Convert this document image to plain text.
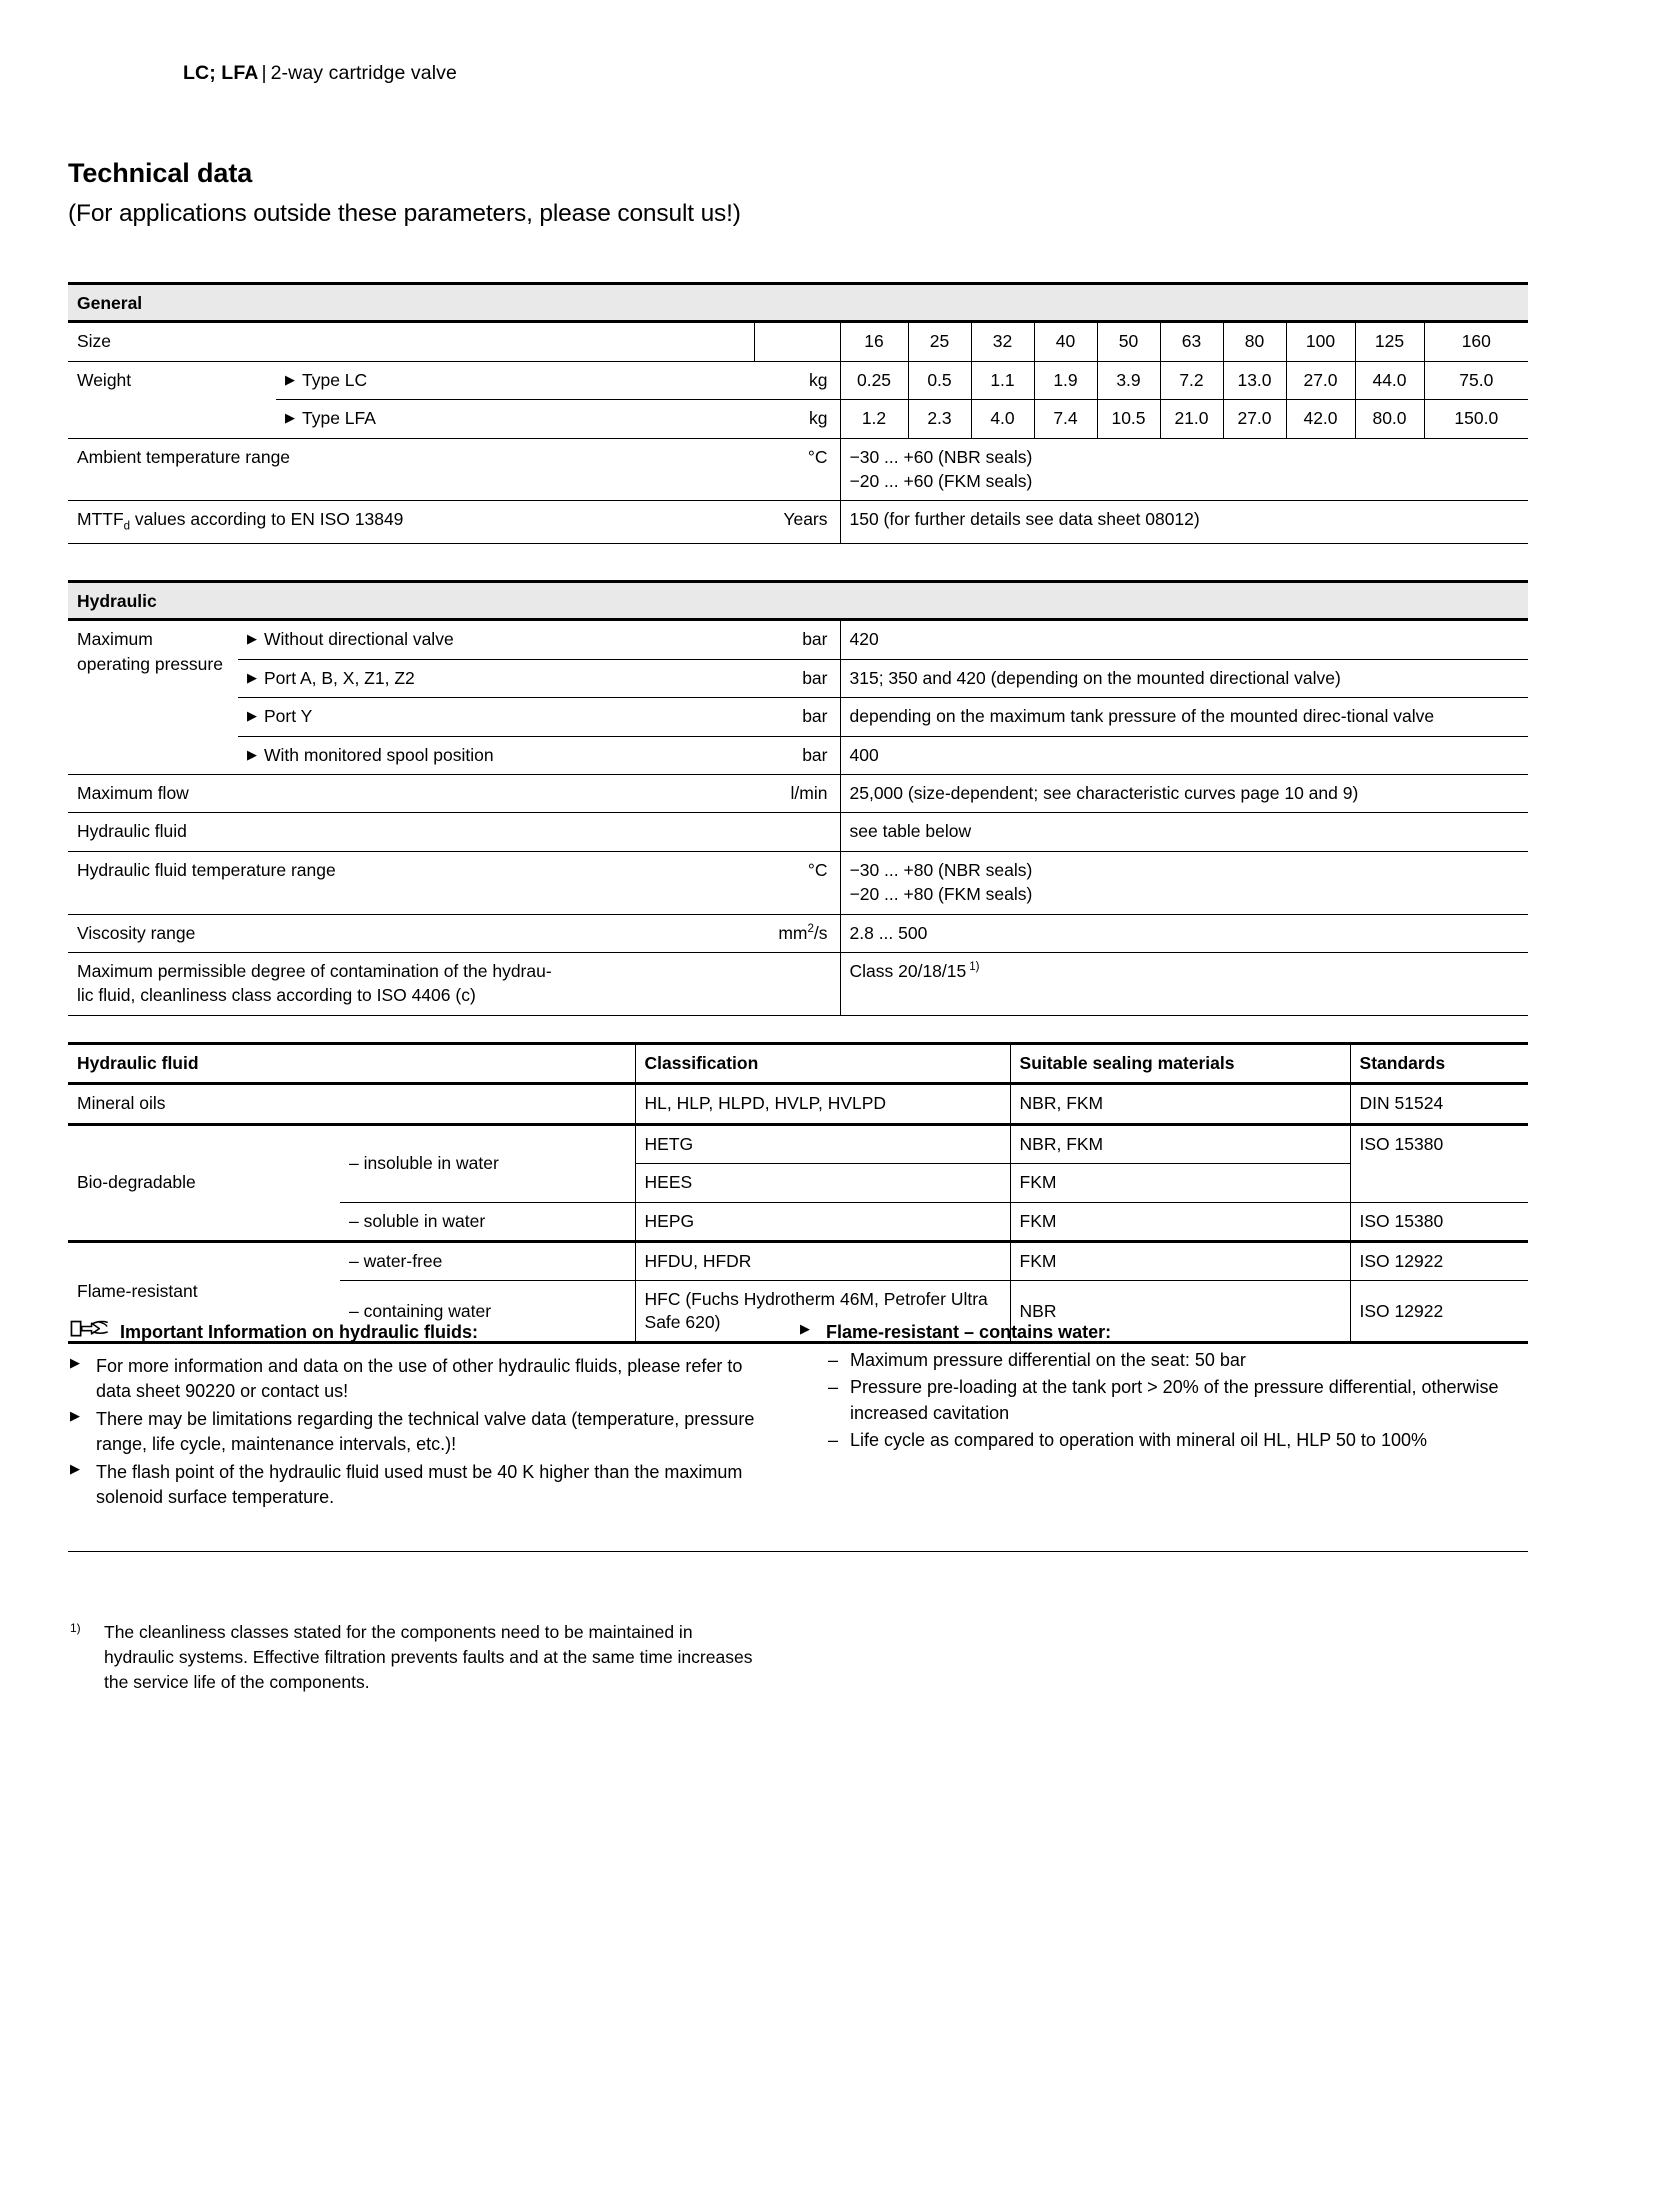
LC; LFA | 2-way cartridge valve
Technical data
(For applications outside these parameters, please consult us!)
General												

Size			16	25	32	40	50	63	80	100	125	160

Weight	▶ Type LC	kg	0.25	0.5	1.1	1.9	3.9	7.2	13.0	27.0	44.0	75.0

	▶ Type LFA	kg	1.2	2.3	4.0	7.4	10.5	21.0	27.0	42.0	80.0	150.0

Ambient temperature range		°C	−30 ... +60 (NBR seals)
−20 ... +60 (FKM seals)									

$MTTF_d$ values according to EN ISO 13849		Years	150 (for further details see data sheet 08012)									
Hydraulic			

Maximum
operating pressure	▶ Without directional valve	bar	420

	▶ Port A, B, X, Z1, Z2	bar	315; 350 and 420 (depending on the mounted directional valve)

	▶ Port Y	bar	depending on the maximum tank pressure of the mounted direc-tional valve

	▶ With monitored spool position	bar	400

Maximum flow		l/min	25,000 (size-dependent; see characteristic curves page 10 and 9)

Hydraulic fluid			see table below

Hydraulic fluid temperature range		°C	−30 ... +80 (NBR seals)
−20 ... +80 (FKM seals)

Viscosity range		$mm^2/s$	2.8 ... 500

Maximum permissible degree of contamination of the hydrau-
lic fluid, cleanliness class according to ISO 4406 (c)			Class 20/18/15 $^{1)}$
Hydraulic fluid		Classification	Suitable sealing materials	Standards

Mineral oils		HL, HLP, HLPD, HVLP, HVLPD	NBR, FKM	DIN 51524

Bio-degradable	– insoluble in water	HETG	NBR, FKM	ISO 15380

		HEES	FKM	

	– soluble in water	HEPG	FKM	ISO 15380

Flame-resistant	– water-free	HFDU, HFDR	FKM	ISO 12922

	– containing water	HFC (Fuchs Hydrotherm 46M, Petrofer Ultra Safe 620)	NBR	ISO 12922
Important Information on hydraulic fluids:
▶ For more information and data on the use of other hydraulic fluids, please refer to data sheet 90220 or contact us!
▶ There may be limitations regarding the technical valve data (temperature, pressure range, life cycle, maintenance intervals, etc.)!
▶ The flash point of the hydraulic fluid used must be 40 K higher than the maximum solenoid surface temperature.
▶ Flame-resistant – contains water:
– Maximum pressure differential on the seat: 50 bar
– Pressure pre-loading at the tank port > 20% of the pressure differential, otherwise increased cavitation
– Life cycle as compared to operation with mineral oil HL, HLP 50 to 100%
1)	The cleanliness classes stated for the components need to be maintained in hydraulic systems. Effective filtration prevents faults and at the same time increases the service life of the components.
